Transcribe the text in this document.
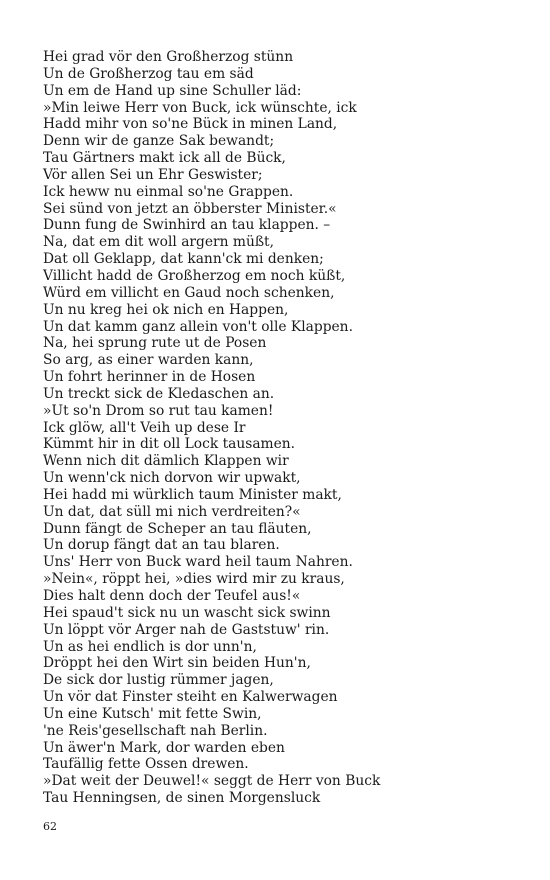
Hei grad vör den Großherzog stünn
Un de Großherzog tau em säd
Un em de Hand up sine Schuller läd:
»Min leiwe Herr von Buck, ick wünschte, ick
Hadd mihr von so'ne Bück in minen Land,
Denn wir de ganze Sak bewandt;
Tau Gärtners makt ick all de Bück,
Vör allen Sei un Ehr Geswister;
Ick heww nu einmal so'ne Grappen.
Sei sünd von jetzt an öbberster Minister.«
Dunn fung de Swinhird an tau klappen. –
Na, dat em dit woll argern müßt,
Dat oll Geklapp, dat kann'ck mi denken;
Villicht hadd de Großherzog em noch küßt,
Würd em villicht en Gaud noch schenken,
Un nu kreg hei ok nich en Happen,
Un dat kamm ganz allein von't olle Klappen.
Na, hei sprung rute ut de Posen
So arg, as einer warden kann,
Un fohrt herinner in de Hosen
Un treckt sick de Kledaschen an.
»Ut so'n Drom so rut tau kamen!
Ick glöw, all't Veih up dese Ir
Kümmt hir in dit oll Lock tausamen.
Wenn nich dit dämlich Klappen wir
Un wenn'ck nich dorvon wir upwakt,
Hei hadd mi würklich taum Minister makt,
Un dat, dat süll mi nich verdreiten?«
Dunn fängt de Scheper an tau fläuten,
Un dorup fängt dat an tau blaren.
Uns' Herr von Buck ward heil taum Nahren.
»Nein«, röppt hei, »dies wird mir zu kraus,
Dies halt denn doch der Teufel aus!«
Hei spaud't sick nu un wascht sick swinn
Un löppt vör Arger nah de Gaststuw' rin.
Un as hei endlich is dor unn'n,
Dröppt hei den Wirt sin beiden Hun'n,
De sick dor lustig rümmer jagen,
Un vör dat Finster steiht en Kalwerwagen
Un eine Kutsch' mit fette Swin,
'ne Reis'gesellschaft nah Berlin.
Un äwer'n Mark, dor warden eben
Taufällig fette Ossen drewen.
»Dat weit der Deuwel!« seggt de Herr von Buck
Tau Henningsen, de sinen Morgensluck
62
